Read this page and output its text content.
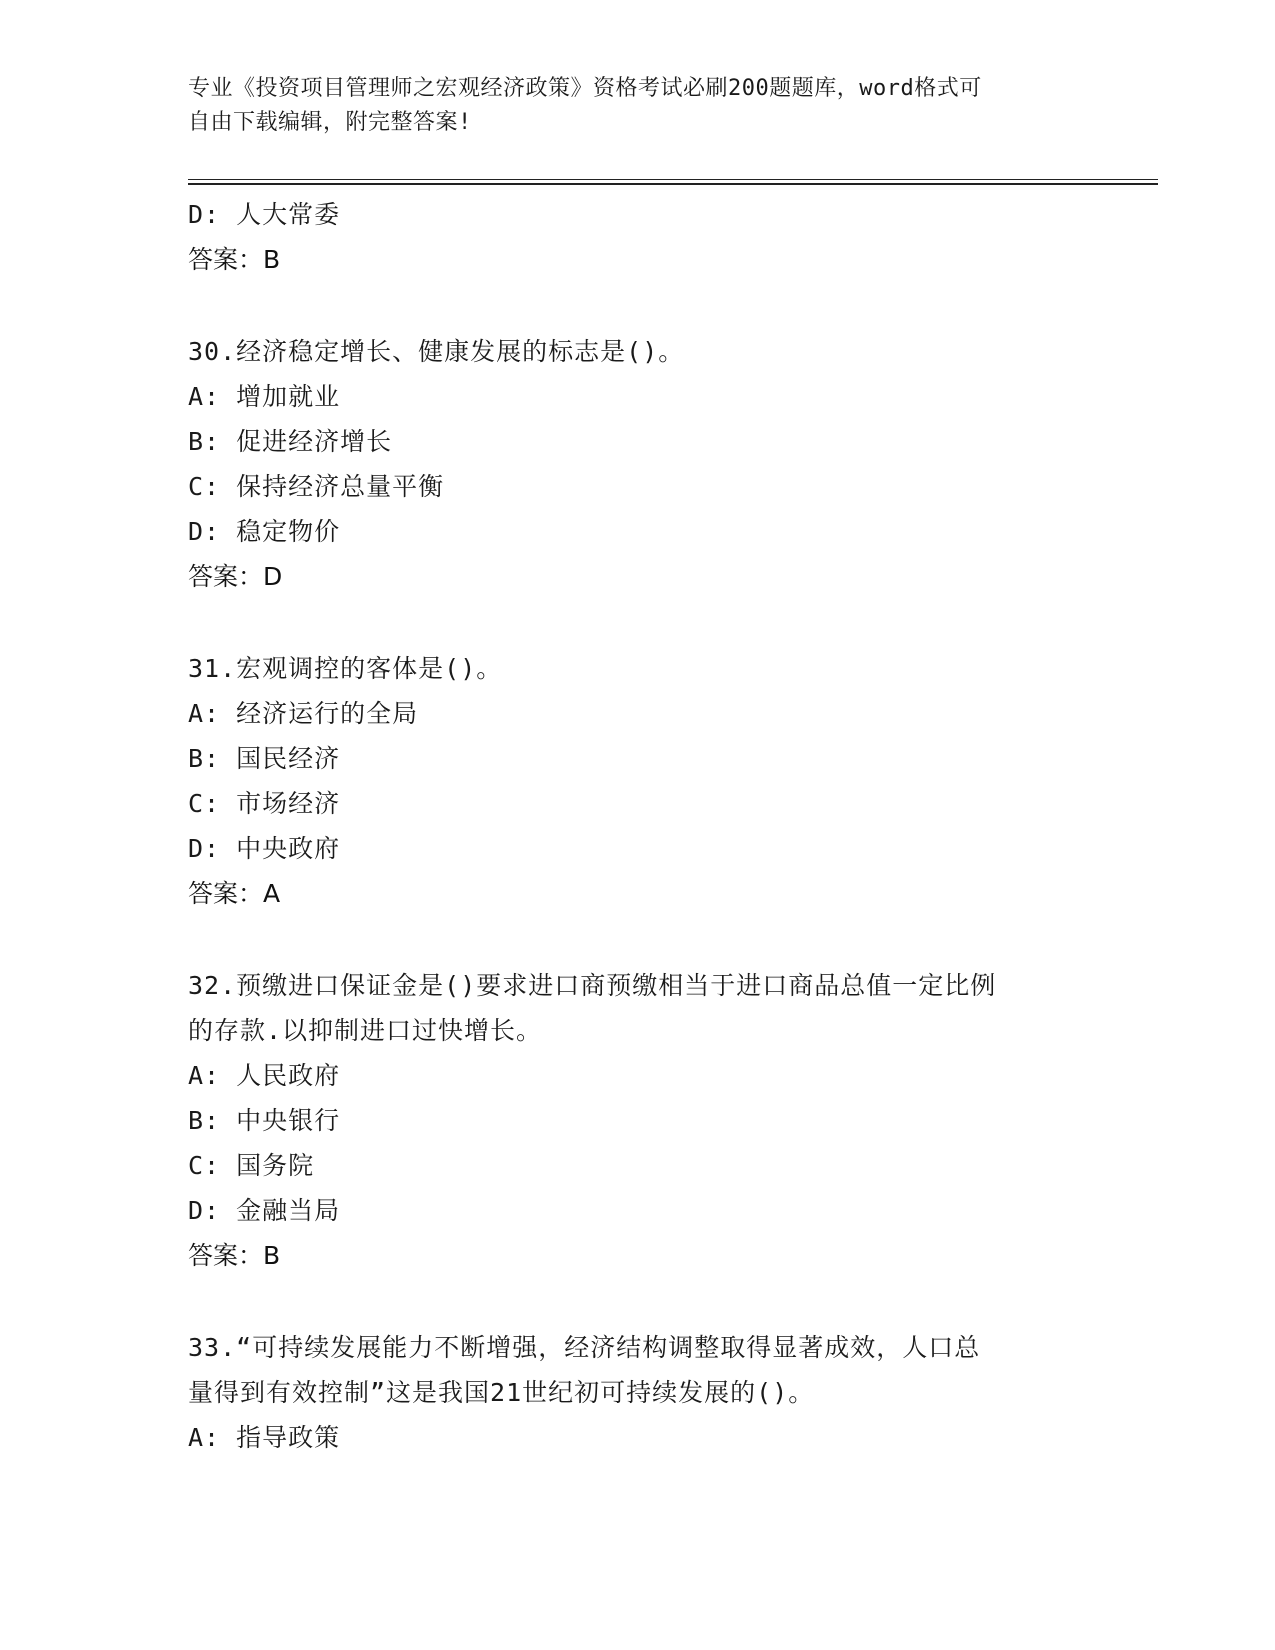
专业《投资项目管理师之宏观经济政策》资格考试必刷200题题库，word格式可
自由下载编辑，附完整答案!
D: 人大常委
答案：B
30.经济稳定增长、健康发展的标志是()。
A: 增加就业
B: 促进经济增长
C: 保持经济总量平衡
D: 稳定物价
答案：D
31.宏观调控的客体是()。
A: 经济运行的全局
B: 国民经济
C: 市场经济
D: 中央政府
答案：A
32.预缴进口保证金是()要求进口商预缴相当于进口商品总值一定比例
的存款.以抑制进口过快增长。
A: 人民政府
B: 中央银行
C: 国务院
D: 金融当局
答案：B
33.“可持续发展能力不断增强，经济结构调整取得显著成效，人口总
量得到有效控制”这是我国21世纪初可持续发展的()。
A: 指导政策
